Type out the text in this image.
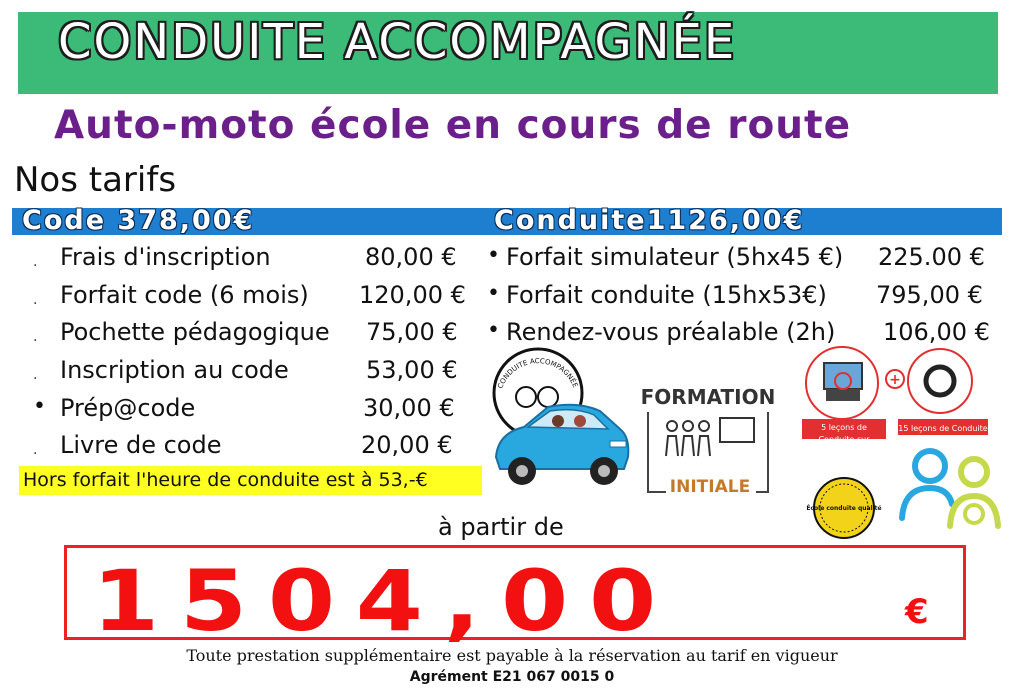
CONDUITE ACCOMPAGNÉE
Auto-moto école en cours de route
Nos tarifs
Code 378,00€	Conduite1126,00€
· Frais d'inscription	80,00 €
· Forfait code (6 mois) 120,00 €
· Pochette pédagogique 75,00 €
· Inscription au code	53,00 €
• Prép@code	30,00 €
· Livre de code	20,00 €
• Forfait simulateur (5hx45 €) 225.00 €
• Forfait conduite (15hx53€) 795,00 €
• Rendez-vous préalable (2h) 106,00 €
Hors forfait l'heure de conduite est à 53,-€
CONDUITE ACCOMPAGNÉE	FORMATION
INITIALE
+
5 leçons de Conduite sur Simulateur
15 leçons de Conduite
École conduite qualité
à partir de
1504,00	€
Toute prestation supplémentaire est payable à la réservation au tarif en vigueur
Agrément E21 067 0015 0
